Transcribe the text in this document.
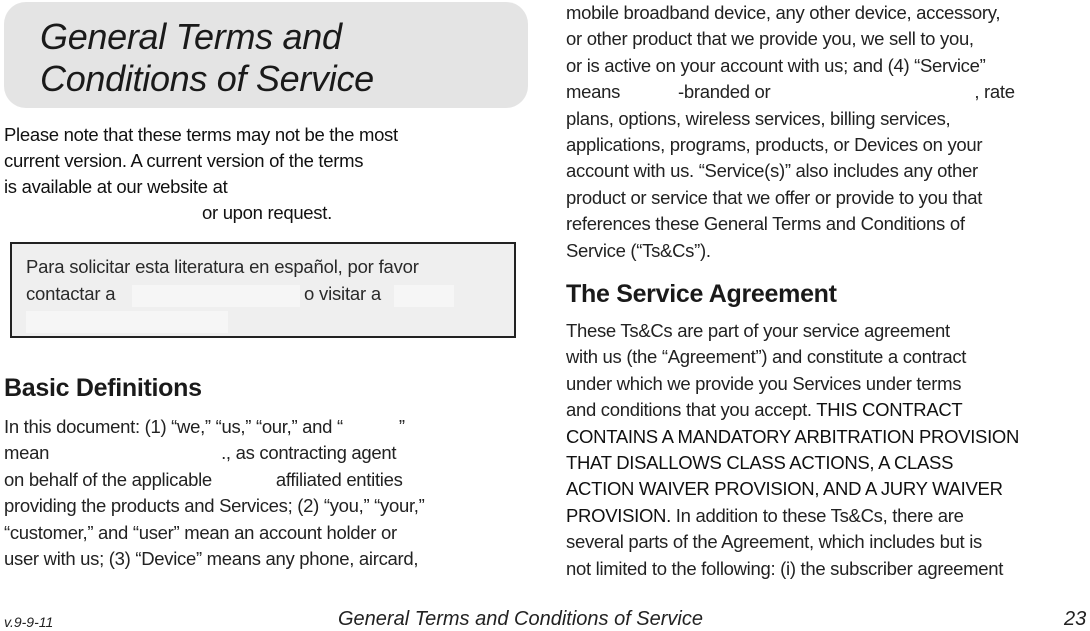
General Terms and
Conditions of Service
Please note that these terms may not be the most
current version. A current version of the terms
is available at our website at
or upon request.
Para solicitar esta literatura en español, por favor
contactar a	o visitar a
Basic Definitions
In this document: (1) “we,” “us,” “our,” and “	”
mean	., as contracting agent
on behalf of the applicable	affiliated entities
providing the products and Services; (2) “you,” “your,”
“customer,” and “user” mean an account holder or
user with us; (3) “Device” means any phone, aircard,
mobile broadband device, any other device, accessory,
or other product that we provide you, we sell to you,
or is active on your account with us; and (4) “Service”
means	-branded or	, rate
plans, options, wireless services, billing services,
applications, programs, products, or Devices on your
account with us. “Service(s)” also includes any other
product or service that we offer or provide to you that
references these General Terms and Conditions of
Service (“Ts&Cs”).
The Service Agreement
These Ts&Cs are part of your service agreement
with us (the “Agreement”) and constitute a contract
under which we provide you Services under terms
and conditions that you accept. THIS CONTRACT
CONTAINS A MANDATORY ARBITRATION PROVISION
THAT DISALLOWS CLASS ACTIONS, A CLASS
ACTION WAIVER PROVISION, AND A JURY WAIVER
PROVISION. In addition to these Ts&Cs, there are
several parts of the Agreement, which includes but is
not limited to the following: (i) the subscriber agreement
v.9-9-11	General Terms and Conditions of Service	23
